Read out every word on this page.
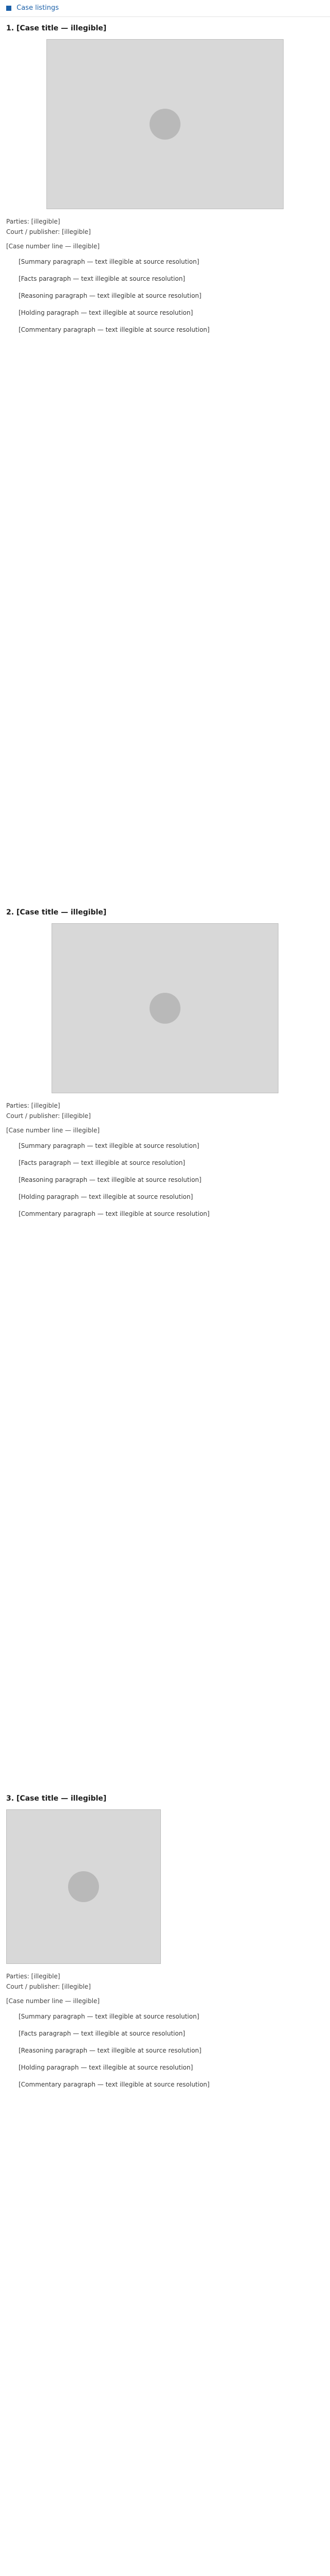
Case listings
1. [Case title — illegible]
Parties: [illegible]
Court / publisher: [illegible]
[Case number line — illegible]

[Summary paragraph — text illegible at source resolution]

[Facts paragraph — text illegible at source resolution]

[Reasoning paragraph — text illegible at source resolution]

[Holding paragraph — text illegible at source resolution]

[Commentary paragraph — text illegible at source resolution]

2. [Case title — illegible]
Parties: [illegible]
Court / publisher: [illegible]
[Case number line — illegible]

[Summary paragraph — text illegible at source resolution]

[Facts paragraph — text illegible at source resolution]

[Reasoning paragraph — text illegible at source resolution]

[Holding paragraph — text illegible at source resolution]

[Commentary paragraph — text illegible at source resolution]

3. [Case title — illegible]
Parties: [illegible]
Court / publisher: [illegible]
[Case number line — illegible]

[Summary paragraph — text illegible at source resolution]

[Facts paragraph — text illegible at source resolution]

[Reasoning paragraph — text illegible at source resolution]

[Holding paragraph — text illegible at source resolution]

[Commentary paragraph — text illegible at source resolution]
